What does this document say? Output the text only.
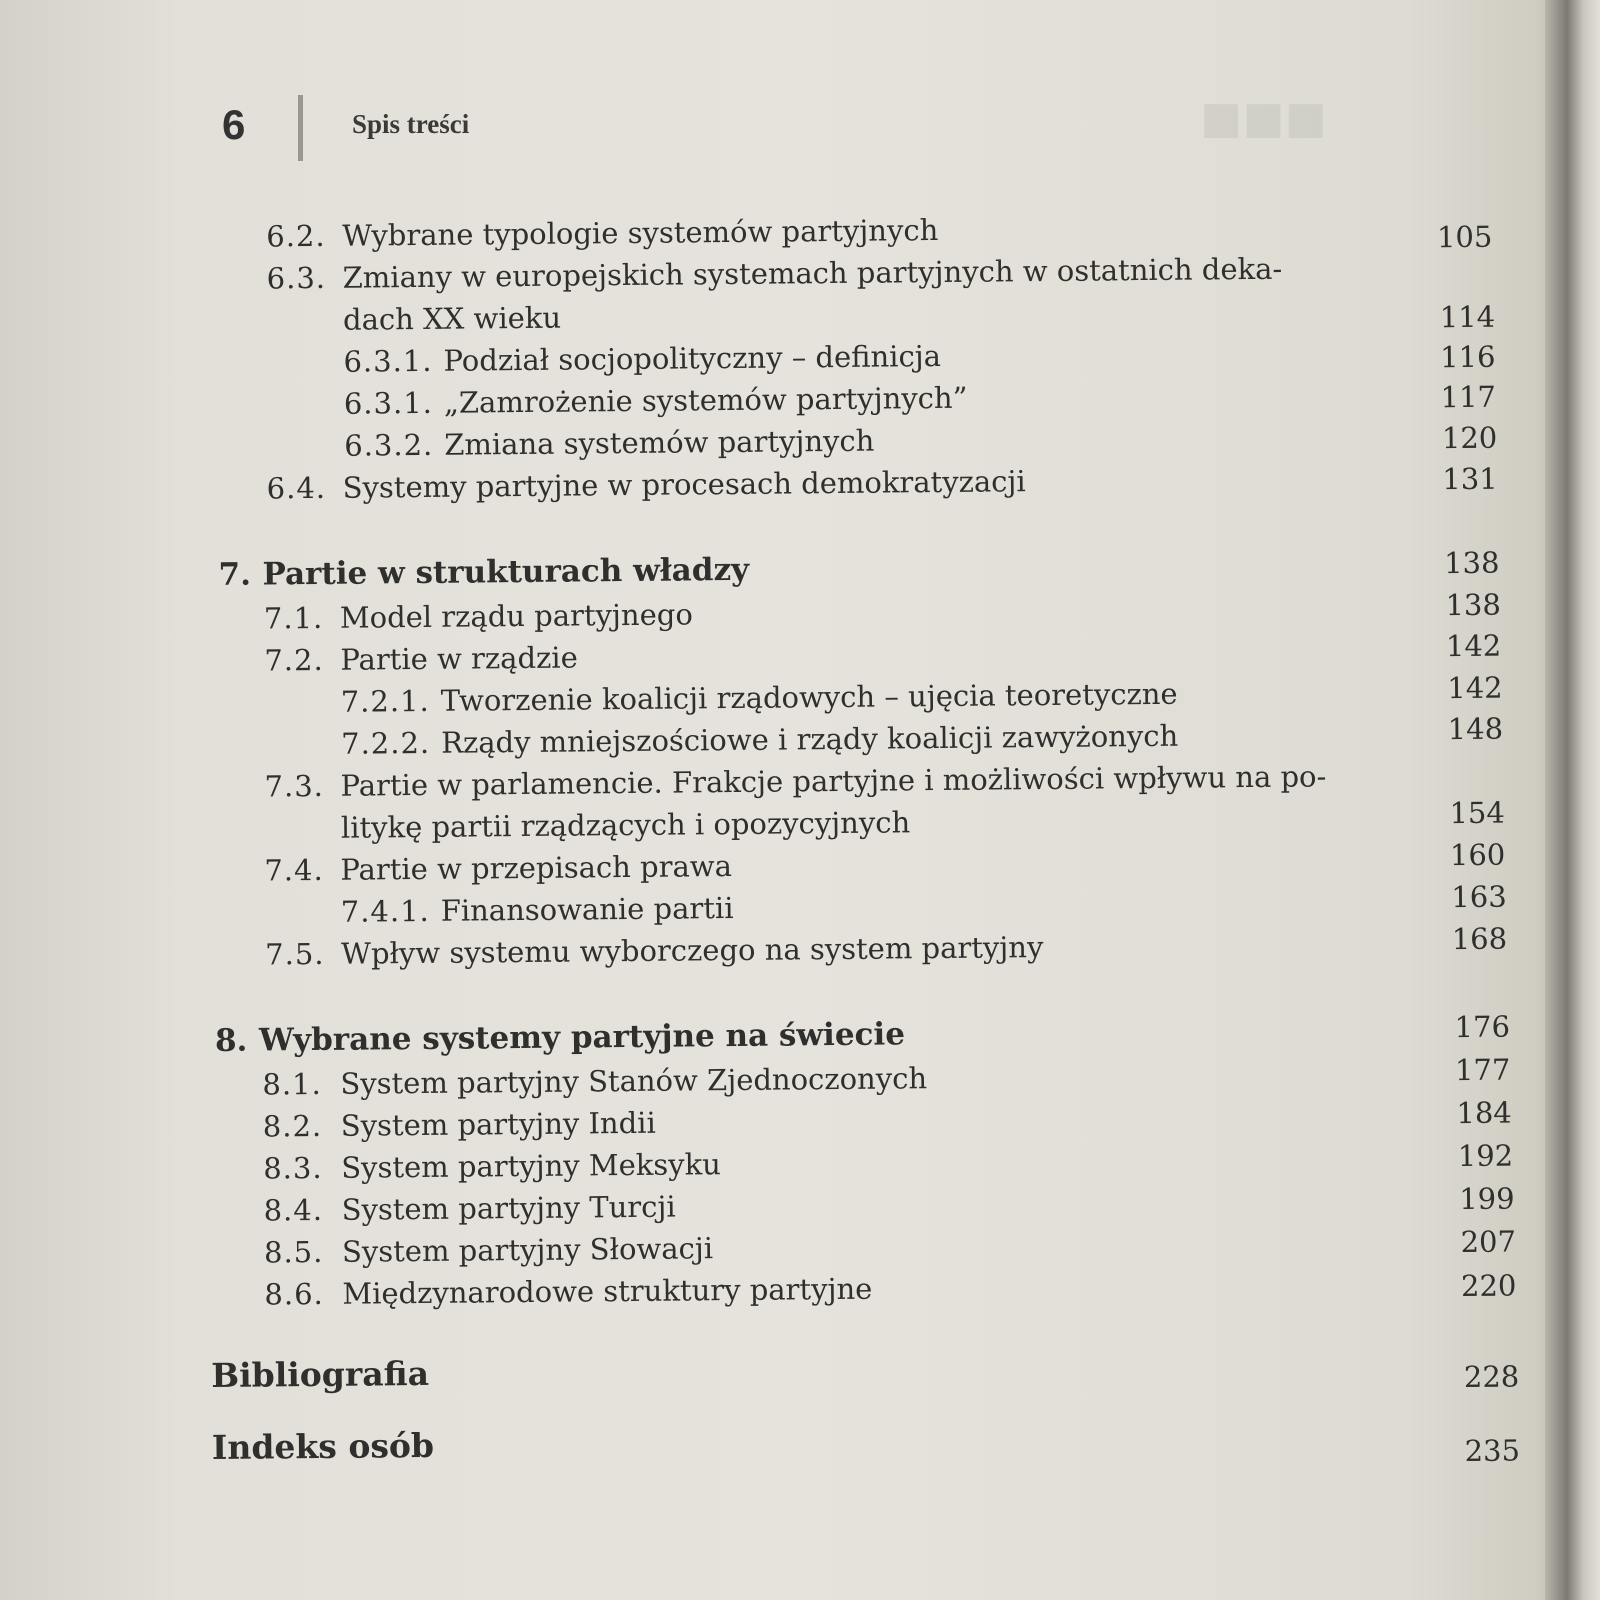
■■■
6	Spis treści
6.2. Wybrane typologie systemów partyjnych
6.3. Zmiany w europejskich systemach partyjnych w ostatnich deka-
dach XX wieku
6.3.1. Podział socjopolityczny – definicja
6.3.1. „Zamrożenie systemów partyjnych”
6.3.2. Zmiana systemów partyjnych
6.4. Systemy partyjne w procesach demokratyzacji
7. Partie w strukturach władzy
7.1. Model rządu partyjnego
7.2. Partie w rządzie
7.2.1. Tworzenie koalicji rządowych – ujęcia teoretyczne
7.2.2. Rządy mniejszościowe i rządy koalicji zawyżonych
7.3. Partie w parlamencie. Frakcje partyjne i możliwości wpływu na po-
litykę partii rządzących i opozycyjnych
7.4. Partie w przepisach prawa
7.4.1. Finansowanie partii
7.5. Wpływ systemu wyborczego na system partyjny
8. Wybrane systemy partyjne na świecie
8.1. System partyjny Stanów Zjednoczonych
8.2. System partyjny Indii
8.3. System partyjny Meksyku
8.4. System partyjny Turcji
8.5. System partyjny Słowacji
8.6. Międzynarodowe struktury partyjne
Bibliografia
Indeks osób
105
114
116
117
120
131
138
138
142
142
148
154
160
163
168
176
177
184
192
199
207
220
228
235
